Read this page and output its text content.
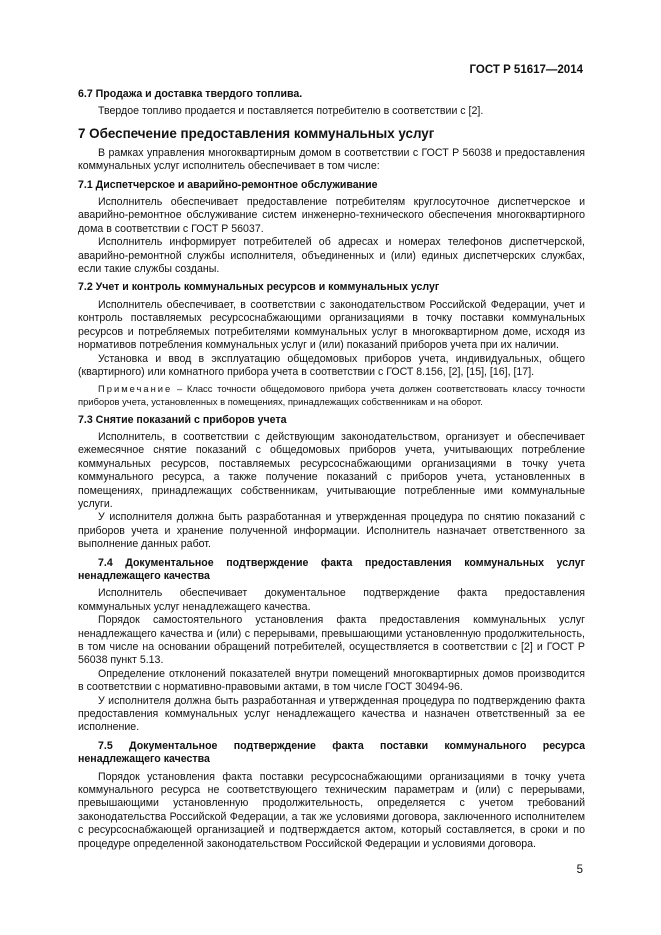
ГОСТ Р 51617—2014

6.7 Продажа и доставка твердого топлива.

Твердое топливо продается и поставляется потребителю в соответствии с [2].

7 Обеспечение предоставления коммунальных услуг

В рамках управления многоквартирным домом в соответствии с ГОСТ Р 56038 и предоставления коммунальных услуг исполнитель обеспечивает в том числе:

7.1 Диспетчерское и аварийно-ремонтное обслуживание

Исполнитель обеспечивает предоставление потребителям круглосуточное диспетчерское и аварийно-ремонтное обслуживание систем инженерно-технического обеспечения многоквартирного дома в соответствии с ГОСТ Р 56037.

Исполнитель информирует потребителей об адресах и номерах телефонов диспетчерской, аварийно-ремонтной службы исполнителя, объединенных и (или) единых диспетчерских службах, если такие службы созданы.

7.2 Учет и контроль коммунальных ресурсов и коммунальных услуг

Исполнитель обеспечивает, в соответствии с законодательством Российской Федерации, учет и контроль поставляемых ресурсоснабжающими организациями в точку поставки коммунальных ресурсов и потребляемых потребителями коммунальных услуг в многоквартирном доме, исходя из нормативов потребления коммунальных услуг и (или) показаний приборов учета при их наличии.

Установка и ввод в эксплуатацию общедомовых приборов учета, индивидуальных, общего (квартирного) или комнатного прибора учета в соответствии с ГОСТ 8.156, [2], [15], [16], [17].

Примечание – Класс точности общедомового прибора учета должен соответствовать классу точности приборов учета, установленных в помещениях, принадлежащих собственникам и на оборот.

7.3 Снятие показаний с приборов учета

Исполнитель, в соответствии с действующим законодательством, организует и обеспечивает ежемесячное снятие показаний с общедомовых приборов учета, учитывающих потребление коммунальных ресурсов, поставляемых ресурсоснабжающими организациями в точку учета коммунального ресурса, а также получение показаний с приборов учета, установленных в помещениях, принадлежащих собственникам, учитывающие потребленные ими коммунальные услуги.

У исполнителя должна быть разработанная и утвержденная процедура по снятию показаний с приборов учета и хранение полученной информации. Исполнитель назначает ответственного за выполнение данных работ.

7.4 Документальное подтверждение факта предоставления коммунальных услуг ненадлежащего качества

Исполнитель обеспечивает документальное подтверждение факта предоставления коммунальных услуг ненадлежащего качества.

Порядок самостоятельного установления факта предоставления коммунальных услуг ненадлежащего качества и (или) с перерывами, превышающими установленную продолжительность, в том числе на основании обращений потребителей, осуществляется в соответствии с [2] и ГОСТ Р 56038 пункт 5.13.

Определение отклонений показателей внутри помещений многоквартирных домов производится в соответствии с нормативно-правовыми актами, в том числе ГОСТ 30494-96.

У исполнителя должна быть разработанная и утвержденная процедура по подтверждению факта предоставления коммунальных услуг ненадлежащего качества и назначен ответственный за ее исполнение.

7.5 Документальное подтверждение факта поставки коммунального ресурса ненадлежащего качества

Порядок установления факта поставки ресурсоснабжающими организациями в точку учета коммунального ресурса не соответствующего техническим параметрам и (или) с перерывами, превышающими установленную продолжительность, определяется с учетом требований законодательства Российской Федерации, а так же условиями договора, заключенного исполнителем с ресурсоснабжающей организацией и подтверждается актом, который составляется, в сроки и по процедуре определенной законодательством Российской Федерации и условиями договора.

5
